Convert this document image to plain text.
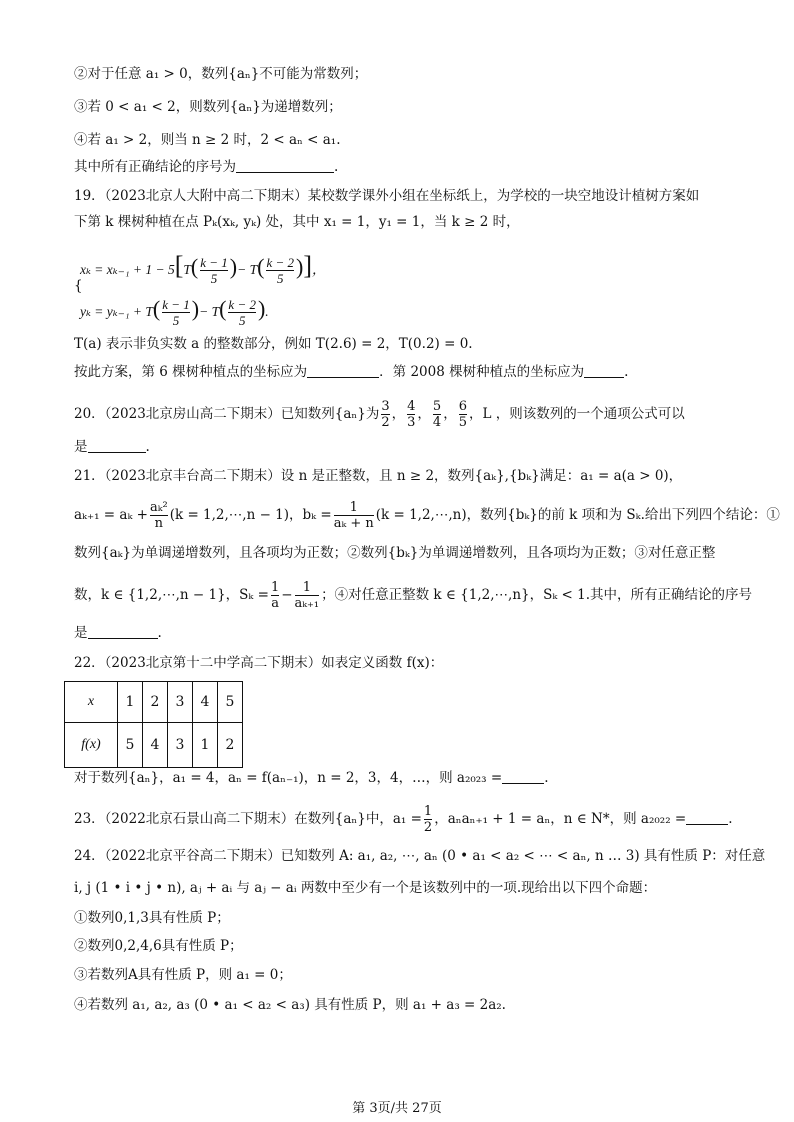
②对于任意 a₁ > 0，数列{aₙ}不可能为常数列；
③若 0 < a₁ < 2，则数列{aₙ}为递增数列；
④若 a₁ > 2，则当 n ≥ 2 时，2 < aₙ < a₁.
其中所有正确结论的序号为	.
19．（2023北京人大附中高二下期末）某校数学课外小组在坐标纸上，为学校的一块空地设计植树方案如
下第 k 棵树种植在点 Pₖ(xₖ, yₖ) 处，其中 x₁ = 1，y₁ = 1，当 k ≥ 2 时，
$x_k = x_{k-1} + 1 - 5[T( \frac{k - 1}{5}$ )− $T( \frac{k - 2}{5}$ )]，
{
$y_k = y_{k-1} + T( \frac{k - 1}{5}$ )− $T( \frac{k - 2}{5}$ ).
T(a) 表示非负实数 a 的整数部分，例如 T(2.6) = 2，T(0.2) = 0.
按此方案，第 6 棵树种植点的坐标应为	．第 2008 棵树种植点的坐标应为	.
20．（2023北京房山高二下期末）已知数列{aₙ}为 $\frac{3}{2}$ ， $\frac{4}{3}$ ， $\frac{5}{4}$ ， $\frac{6}{5}$ ，L ，则该数列的一个通项公式可以
是	.
21．（2023北京丰台高二下期末）设 n 是正整数，且 n ≥ 2，数列{aₖ},{bₖ}满足：a₁ = a(a > 0)，
$a_{k+1} = a_k + \frac{\text{aₖ²}}{n} (k$ = 1,2,⋯,n − 1)，$b_k = \frac{1}{\text{aₖ + n}} (k$ = 1,2,⋯,n)，数列{bₖ}的前 k 项和为 Sₖ.给出下列四个结论：①
数列{aₖ}为单调递增数列，且各项均为正数；②数列{bₖ}为单调递增数列，且各项均为正数；③对任意正整
数，k ∈ {1,2,⋯,n − 1}，$S_k = \frac{1}{a} - \frac{1}{\text{aₖ₊₁}}$ ；④对任意正整数 k ∈ {1,2,⋯,n}，Sₖ < 1.其中，所有正确结论的序号
是	.
22．（2023北京第十二中学高二下期末）如表定义函数 f(x)：
x	1	2	3	4	5
f(x)	5	4	3	1	2
对于数列{aₙ}，a₁ = 4，aₙ = f(aₙ₋₁)，n = 2，3，4，…，则 a₂₀₂₃ =	.
23．（2022北京石景山高二下期末）在数列{aₙ}中，$a_1 = \frac{1}{2}$ ，aₙaₙ₊₁ + 1 = aₙ，n ∈ N*，则 a₂₀₂₂ =	.
24．（2022北京平谷高二下期末）已知数列 A: a₁, a₂, ⋯, aₙ (0 • a₁ < a₂ < ⋯ < aₙ, n … 3) 具有性质 P：对任意
i, j (1 • i • j • n), aⱼ + aᵢ 与 aⱼ − aᵢ 两数中至少有一个是该数列中的一项.现给出以下四个命题：
①数列0,1,3具有性质 P；
②数列0,2,4,6具有性质 P；
③若数列A具有性质 P，则 a₁ = 0；
④若数列 a₁, a₂, a₃ (0 • a₁ < a₂ < a₃) 具有性质 P，则 a₁ + a₃ = 2a₂.
第 3页/共 27页
